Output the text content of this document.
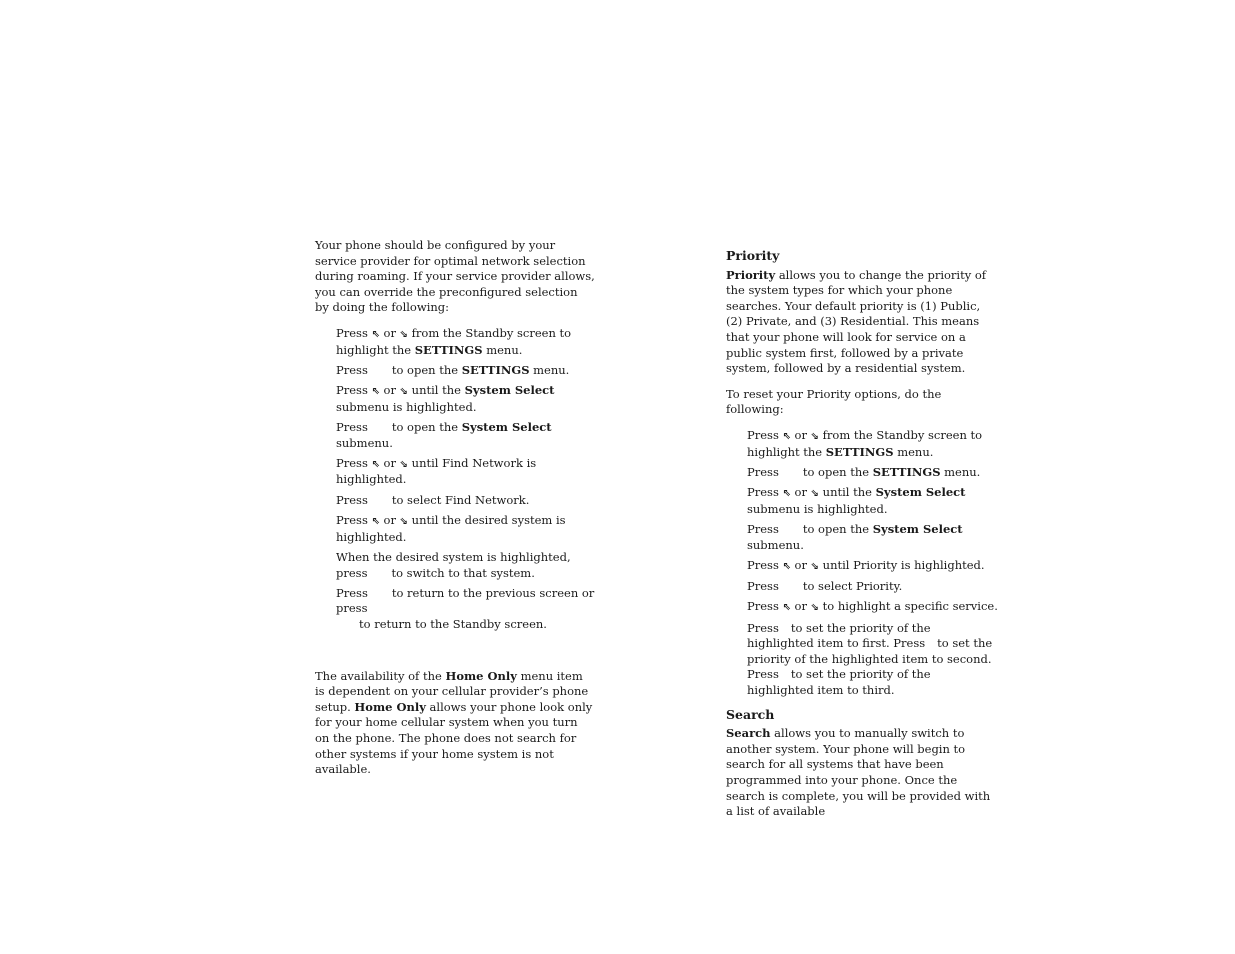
Your phone should be configured by your service provider for optimal network selection during roaming. If your service provider allows, you can override the preconfigured selection by doing the following:

Press ⇖ or ⇘ from the Standby screen to highlight the SETTINGS menu.
Press to open the SETTINGS menu.
Press ⇖ or ⇘ until the System Select submenu is highlighted.
Press to open the System Select submenu.
Press ⇖ or ⇘ until Find Network is highlighted.
Press to select Find Network.
Press ⇖ or ⇘ until the desired system is highlighted.
When the desired system is highlighted, press to switch to that system.
Press to return to the previous screen or press
to return to the Standby screen.

The availability of the Home Only menu item is dependent on your cellular provider’s phone setup. Home Only allows your phone look only for your home cellular system when you turn on the phone. The phone does not search for other systems if your home system is not available.

Priority

Priority allows you to change the priority of the system types for which your phone searches. Your default priority is (1) Public, (2) Private, and (3) Residential. This means that your phone will look for service on a public system first, followed by a private system, followed by a residential system.

To reset your Priority options, do the following:

Press ⇖ or ⇘ from the Standby screen to highlight the SETTINGS menu.
Press to open the SETTINGS menu.
Press ⇖ or ⇘ until the System Select submenu is highlighted.
Press to open the System Select submenu.
Press ⇖ or ⇘ until Priority is highlighted.
Press to select Priority.
Press ⇖ or ⇘ to highlight a specific service.
Press to set the priority of the highlighted item to first. Press to set the priority of the highlighted item to second. Press to set the priority of the highlighted item to third.
Search

Search allows you to manually switch to another system. Your phone will begin to search for all systems that have been programmed into your phone. Once the search is complete, you will be provided with a list of available
